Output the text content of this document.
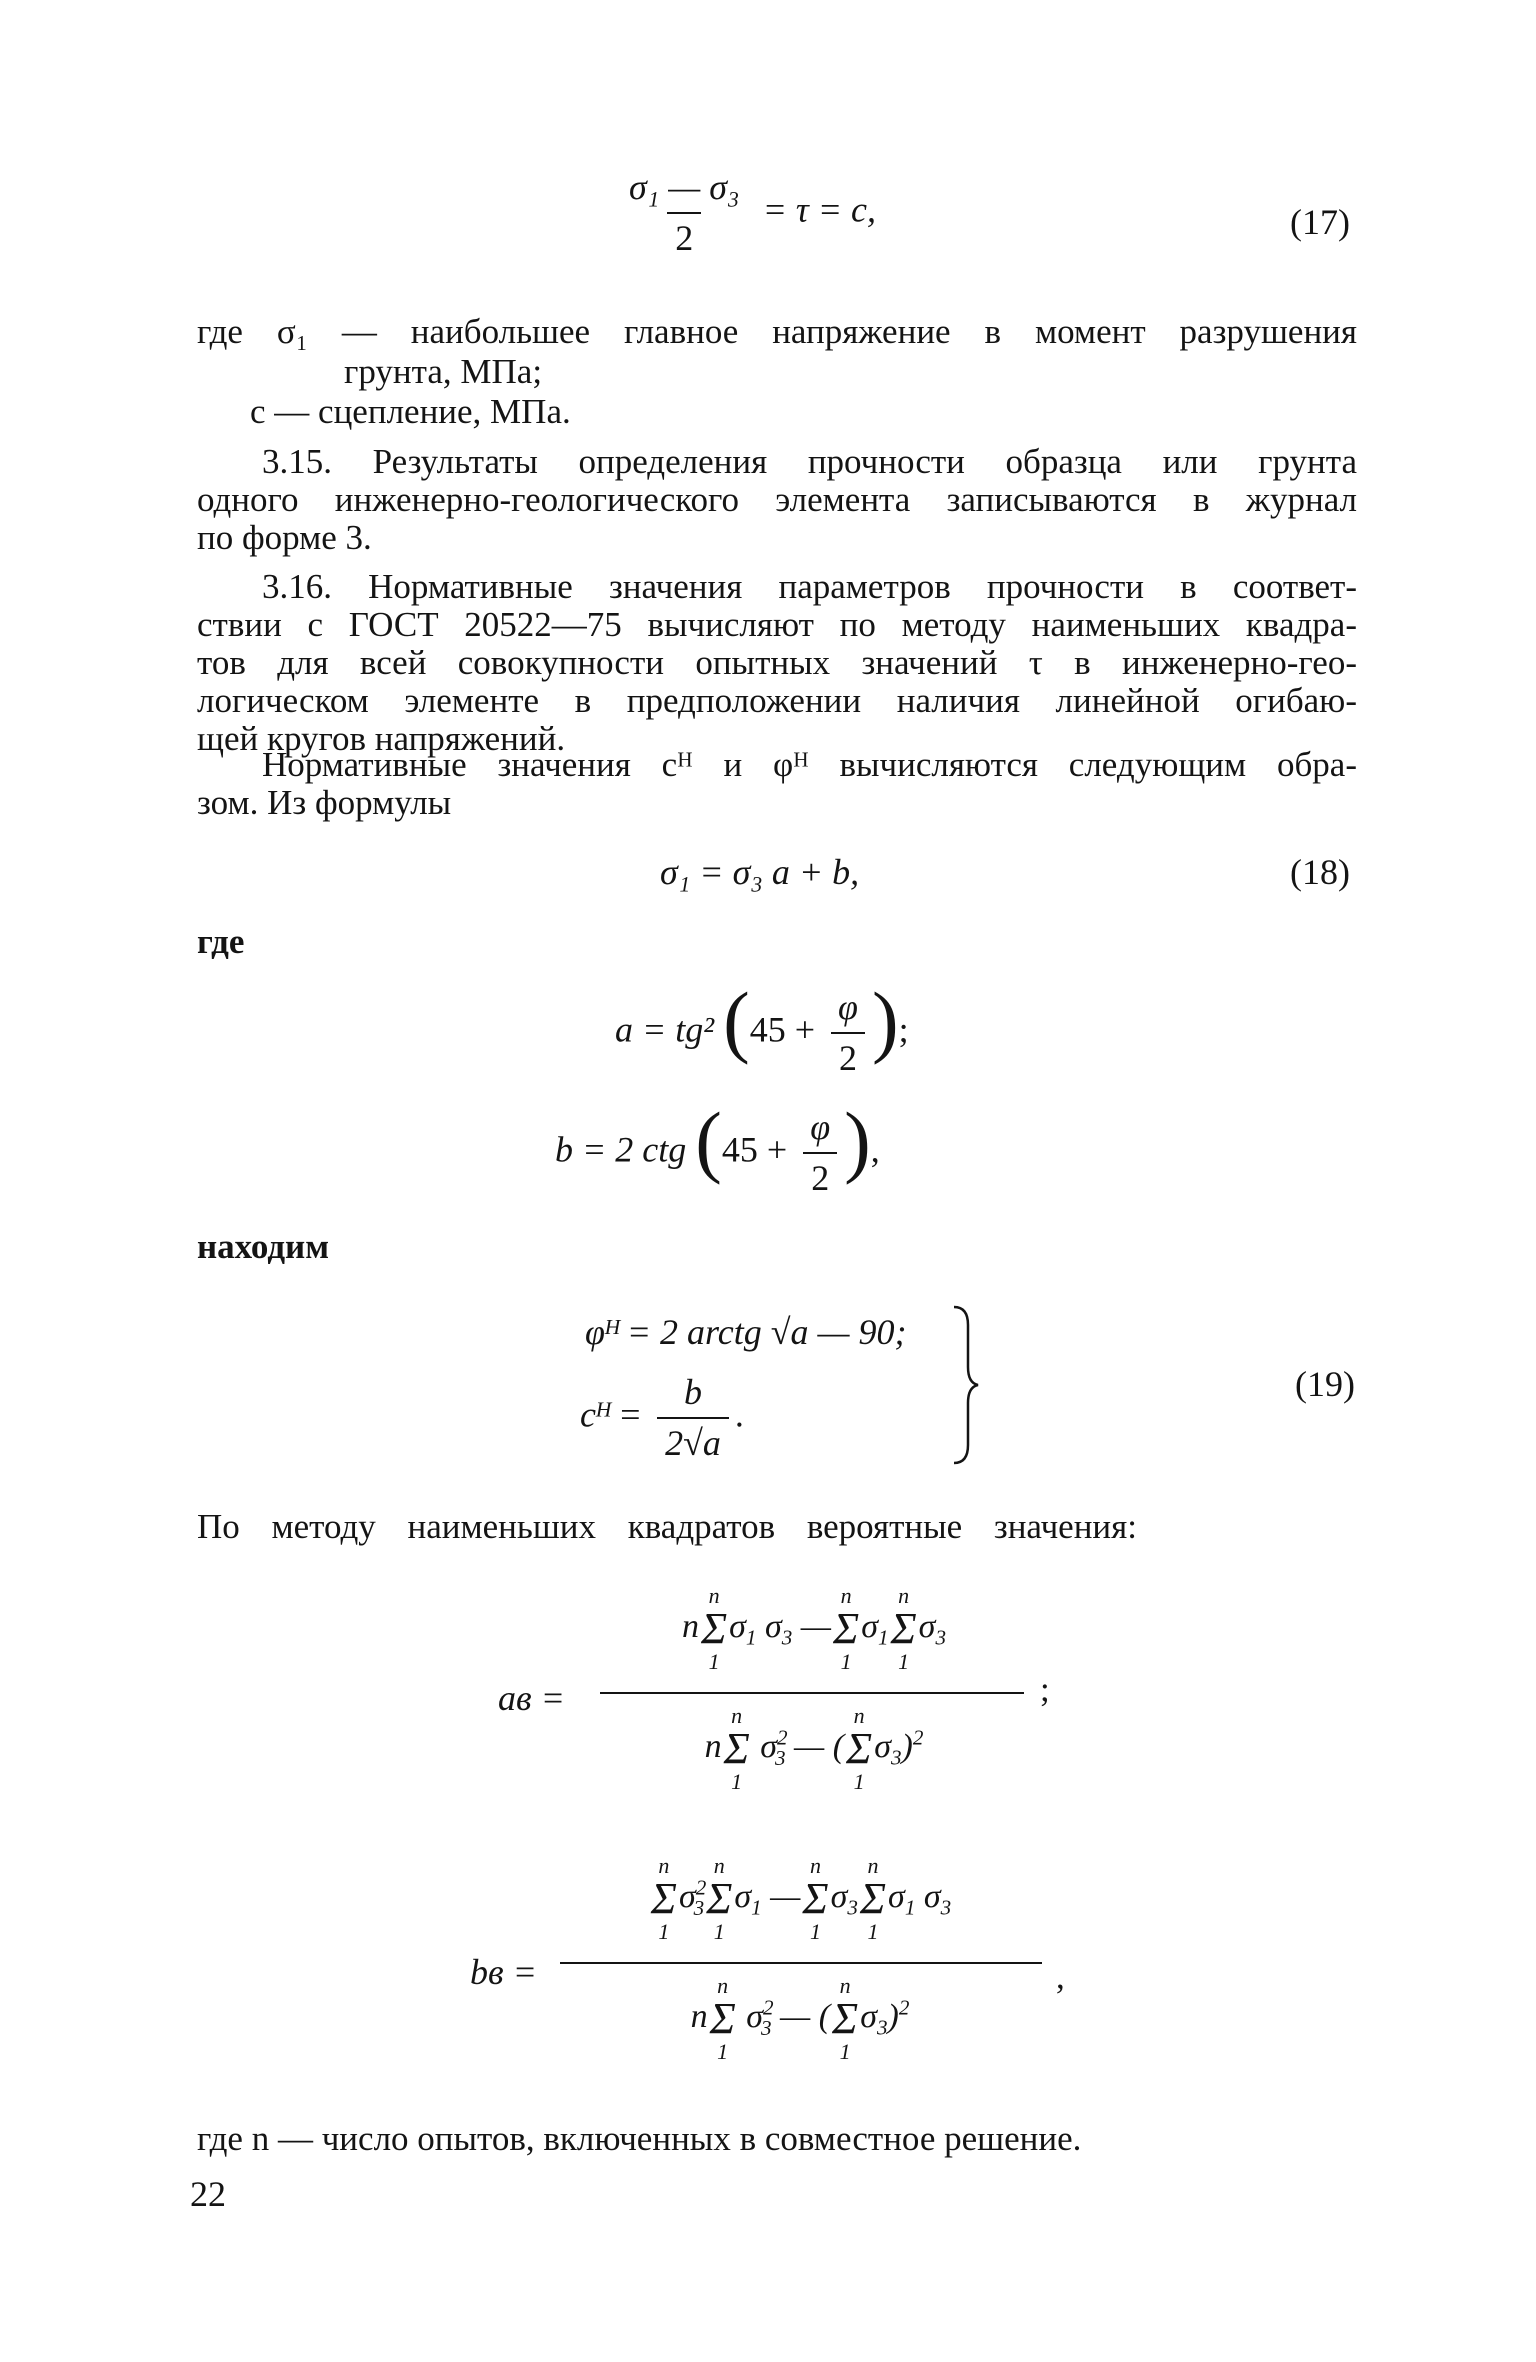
$\frac{\text{σ₁ — σ₃}}{2} = \tau = c$,	(17)
где σ₁ — наибольшее главное напряжение в момент разрушения
грунта, МПа;
c — сцепление, МПа.
3.15. Результаты определения прочности образца или грунта
одного инженерно-геологического элемента записываются в журнал
по форме 3.
3.16. Нормативные значения параметров прочности в соответ-
ствии с ГОСТ 20522—75 вычисляют по методу наименьших квадра-
тов для всей совокупности опытных значений τ в инженерно-гео-
логическом элементе в предположении наличия линейной огибаю-
щей кругов напряжений.
Нормативные значения cᴴ и φᴴ вычисляются следующим обра-
зом. Из формулы
σ₁ = σ₃ a + b,	(18)
где
a = tg² ($45 + \frac{\varphi}{2}$ );
b = 2 ctg ($45 + \frac{\varphi}{2}$ ),
находим
φᴴ = 2 arctg √a — 90;
cᴴ = $\frac{b}{2√a}$ .
(19)
По методу наименьших квадратов вероятные значения:
aв =
n
n
Σ
1
$\sigma_1$ $\sigma_3$ —
n
Σ
1
$\sigma_1$
n
Σ
1
$\sigma_3$
;
n
n
Σ
1
$\sigma^2_3$ — (
n
Σ
1
$\sigma_3)^2$
bв =
n
Σ
1
$\sigma^2_3$
n
Σ
1
$\sigma_1$ —
n
Σ
1
$\sigma_3$
n
Σ
1
$\sigma_1$ $\sigma_3$
,
n
n
Σ
1
$\sigma^2_3$ — (
n
Σ
1
$\sigma_3)^2$
где n — число опытов, включенных в совместное решение.
22
